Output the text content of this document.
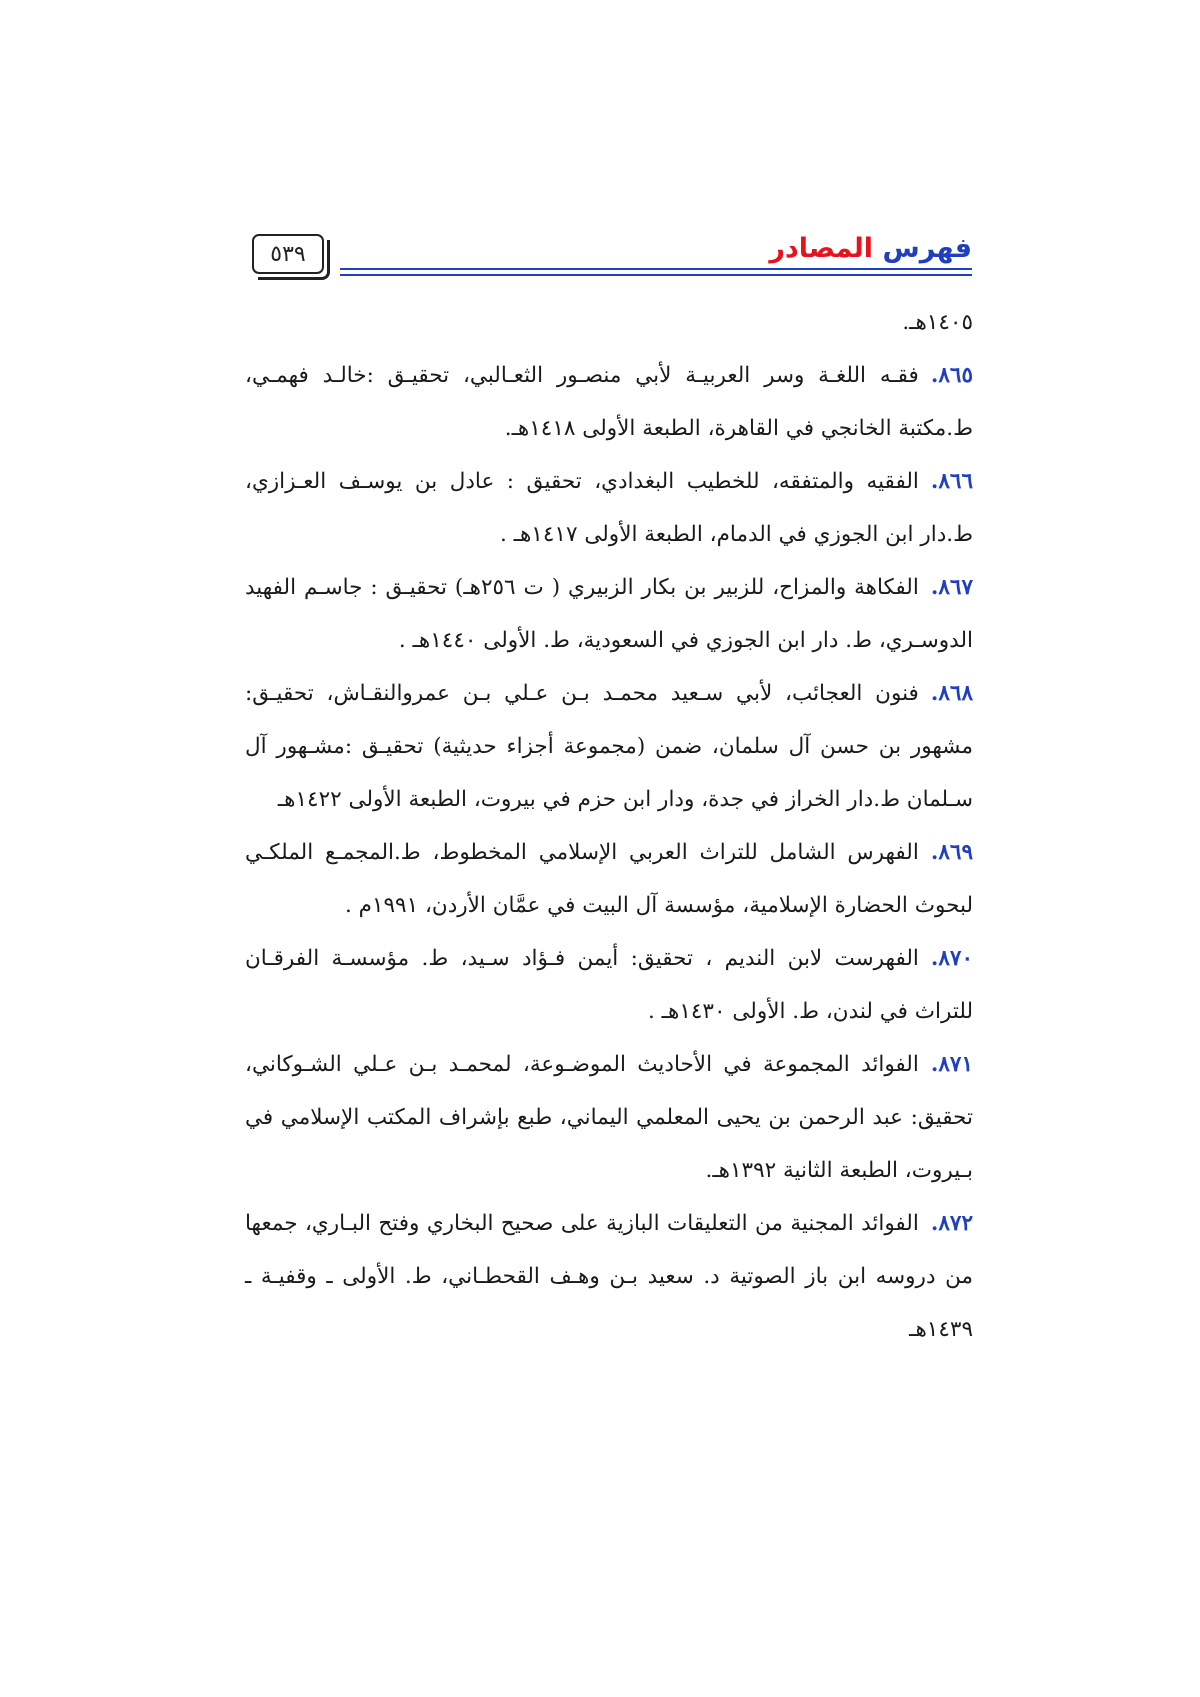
فهرس المصادر
٥٣٩

١٤٠٥هـ.

٨٦٥.فقـه اللغـة وسر العربيـة لأبي منصـور الثعـالبي، تحقيـق :خالـد فهمـي، ط.مكتبة الخانجي في القاهرة، الطبعة الأولى ١٤١٨هـ.

٨٦٦.الفقيه والمتفقه، للخطيب البغدادي، تحقيق : عادل بن يوسـف العـزازي، ط.دار ابن الجوزي في الدمام، الطبعة الأولى ١٤١٧هـ .

٨٦٧.الفكاهة والمزاح، للزبير بن بكار الزبيري ( ت ٢٥٦هـ) تحقيـق : جاسـم الفهيد الدوسـري، ط. دار ابن الجوزي في السعودية، ط. الأولى ١٤٤٠هـ .

٨٦٨.فنون العجائب، لأبي سـعيد محمـد بـن عـلي بـن عمروالنقـاش، تحقيـق: مشهور بن حسن آل سلمان، ضمن (مجموعة أجزاء حديثية) تحقيـق :مشـهور آل سـلمان ط.دار الخراز في جدة، ودار ابن حزم في بيروت، الطبعة الأولى ١٤٢٢هـ

٨٦٩.الفهرس الشامل للتراث العربي الإسلامي المخطوط، ط.المجمـع الملكـي لبحوث الحضارة الإسلامية، مؤسسة آل البيت في عمَّان الأردن، ١٩٩١م .

٨٧٠.الفهرست لابن النديم ، تحقيق: أيمن فـؤاد سـيد، ط. مؤسسـة الفرقـان للتراث في لندن، ط. الأولى ١٤٣٠هـ .

٨٧١.الفوائد المجموعة في الأحاديث الموضـوعة، لمحمـد بـن عـلي الشـوكاني، تحقيق: عبد الرحمن بن يحيى المعلمي اليماني، طبع بإشراف المكتب الإسلامي في بـيروت، الطبعة الثانية ١٣٩٢هـ.

٨٧٢.الفوائد المجنية من التعليقات البازية على صحيح البخاري وفتح البـاري، جمعها من دروسه ابن باز الصوتية د. سعيد بـن وهـف القحطـاني، ط. الأولى ـ وقفيـة ـ ١٤٣٩هـ
